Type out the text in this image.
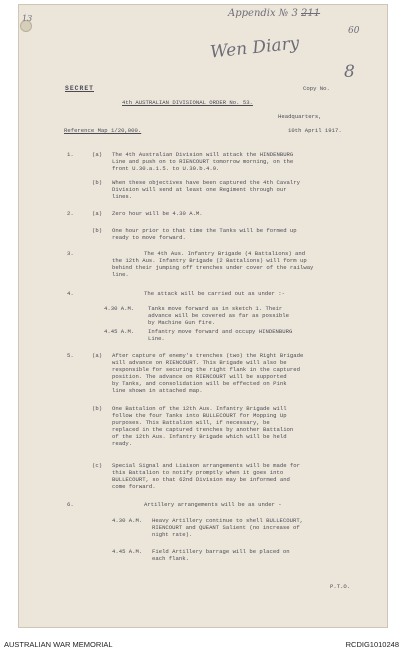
13	Appendix № 3 211
60
Wen Diary
8
SECRET	Copy No.
4th AUSTRALIAN DIVISIONAL ORDER No. 53.
Headquarters,
Reference Map 1/20,000.	10th April 1917.
1.	(a) The 4th Australian Division will attack the HINDENBURG
Line and push on to RIENCOURT tomorrow morning, on the
front U.30.a.1.5. to U.30.b.4.9.
(b) When these objectives have been captured the 4th Cavalry
Division will send at least one Regiment through our
lines.
2.	(a) Zero hour will be 4.30 A.M.
(b) One hour prior to that time the Tanks will be formed up
ready to move forward.
3.	The 4th Aus. Infantry Brigade (4 Battalions) and
the 12th Aus. Infantry Brigade (2 Battalions) will form up
behind their jumping off trenches under cover of the railway
line.
4.	The attack will be carried out as under :-
4.30 A.M. Tanks move forward as in sketch 1. Their
advance will be covered as far as possible
by Machine Gun fire.
4.45 A.M. Infantry move forward and occupy HINDENBURG
Line.
5.	(a) After capture of enemy's trenches (two) the Right Brigade
will advance on RIENCOURT. This Brigade will also be
responsible for securing the right flank in the captured
position. The advance on RIENCOURT will be supported
by Tanks, and consolidation will be effected on Pink
line shown in attached map.
(b) One Battalion of the 12th Aus. Infantry Brigade will
follow the four Tanks into BULLECOURT for Mopping Up
purposes. This Battalion will, if necessary, be
replaced in the captured trenches by another Battalion
of the 12th Aus. Infantry Brigade which will be held
ready.
(c) Special Signal and Liaison arrangements will be made for
this Battalion to notify promptly when it goes into
BULLECOURT, so that 62nd Division may be informed and
come forward.
6.	Artillery arrangements will be as under -
4.30 A.M. Heavy Artillery continue to shell BULLECOURT,
RIENCOURT and QUEANT Salient (no increase of
night rate).
4.45 A.M. Field Artillery barrage will be placed on
each flank.
P.T.O.
AUSTRALIAN WAR MEMORIAL	RCDIG1010248
